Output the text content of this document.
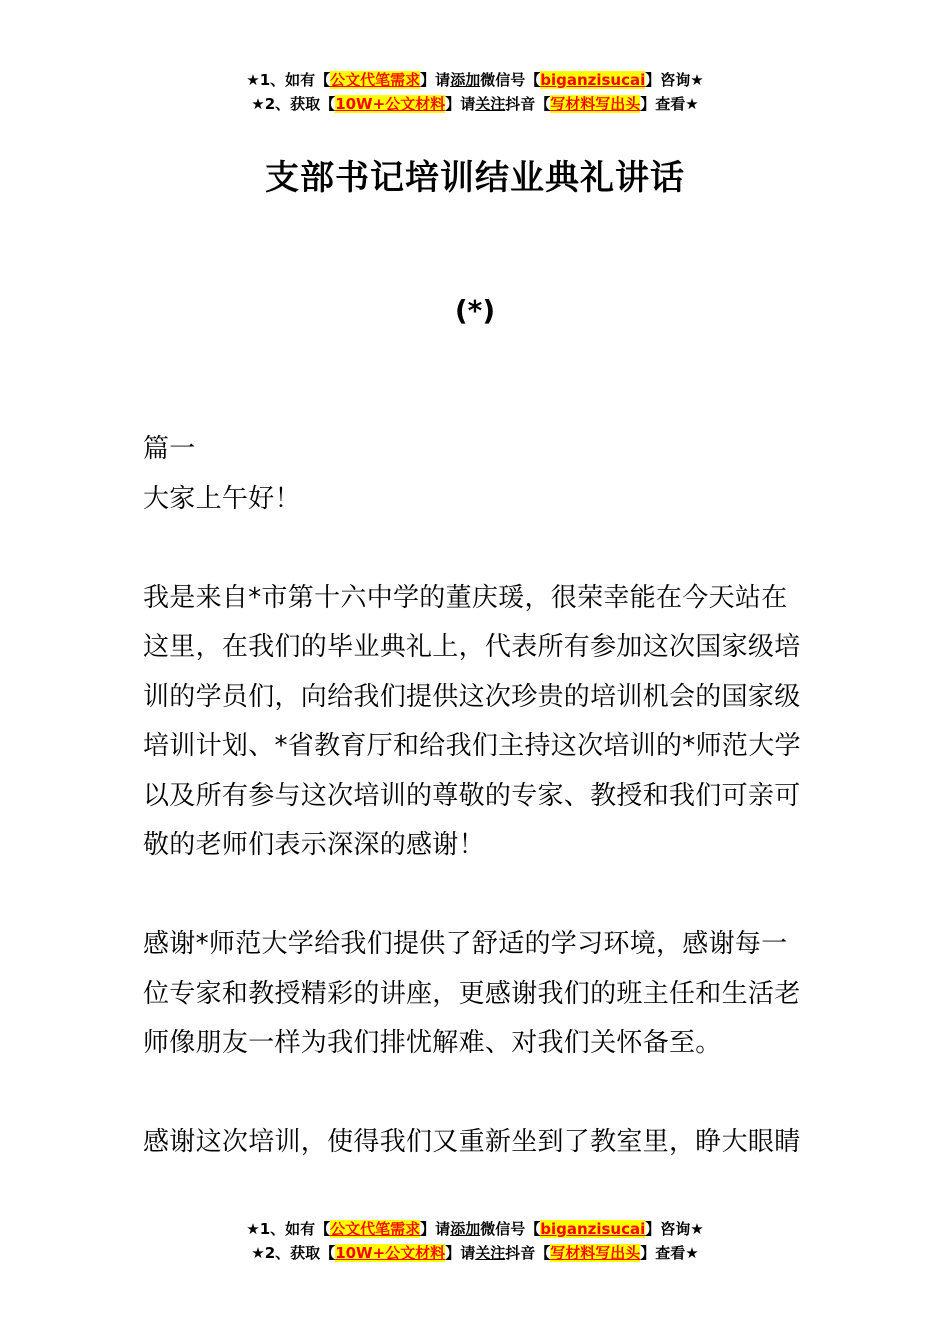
★1、如有【公文代笔需求】请添加微信号【biganzisucai】咨询★
★2、获取【10W+公文材料】请关注抖音【写材料写出头】查看★
支部书记培训结业典礼讲话
(*)

篇一

大家上午好！

我是来自*市第十六中学的董庆瑗，很荣幸能在今天站在这里，在我们的毕业典礼上，代表所有参加这次国家级培训的学员们，向给我们提供这次珍贵的培训机会的国家级培训计划、*省教育厅和给我们主持这次培训的*师范大学以及所有参与这次培训的尊敬的专家、教授和我们可亲可敬的老师们表示深深的感谢！

感谢*师范大学给我们提供了舒适的学习环境，感谢每一位专家和教授精彩的讲座，更感谢我们的班主任和生活老师像朋友一样为我们排忧解难、对我们关怀备至。

感谢这次培训，使得我们又重新坐到了教室里，睁大眼睛

★1、如有【公文代笔需求】请添加微信号【biganzisucai】咨询★
★2、获取【10W+公文材料】请关注抖音【写材料写出头】查看★
